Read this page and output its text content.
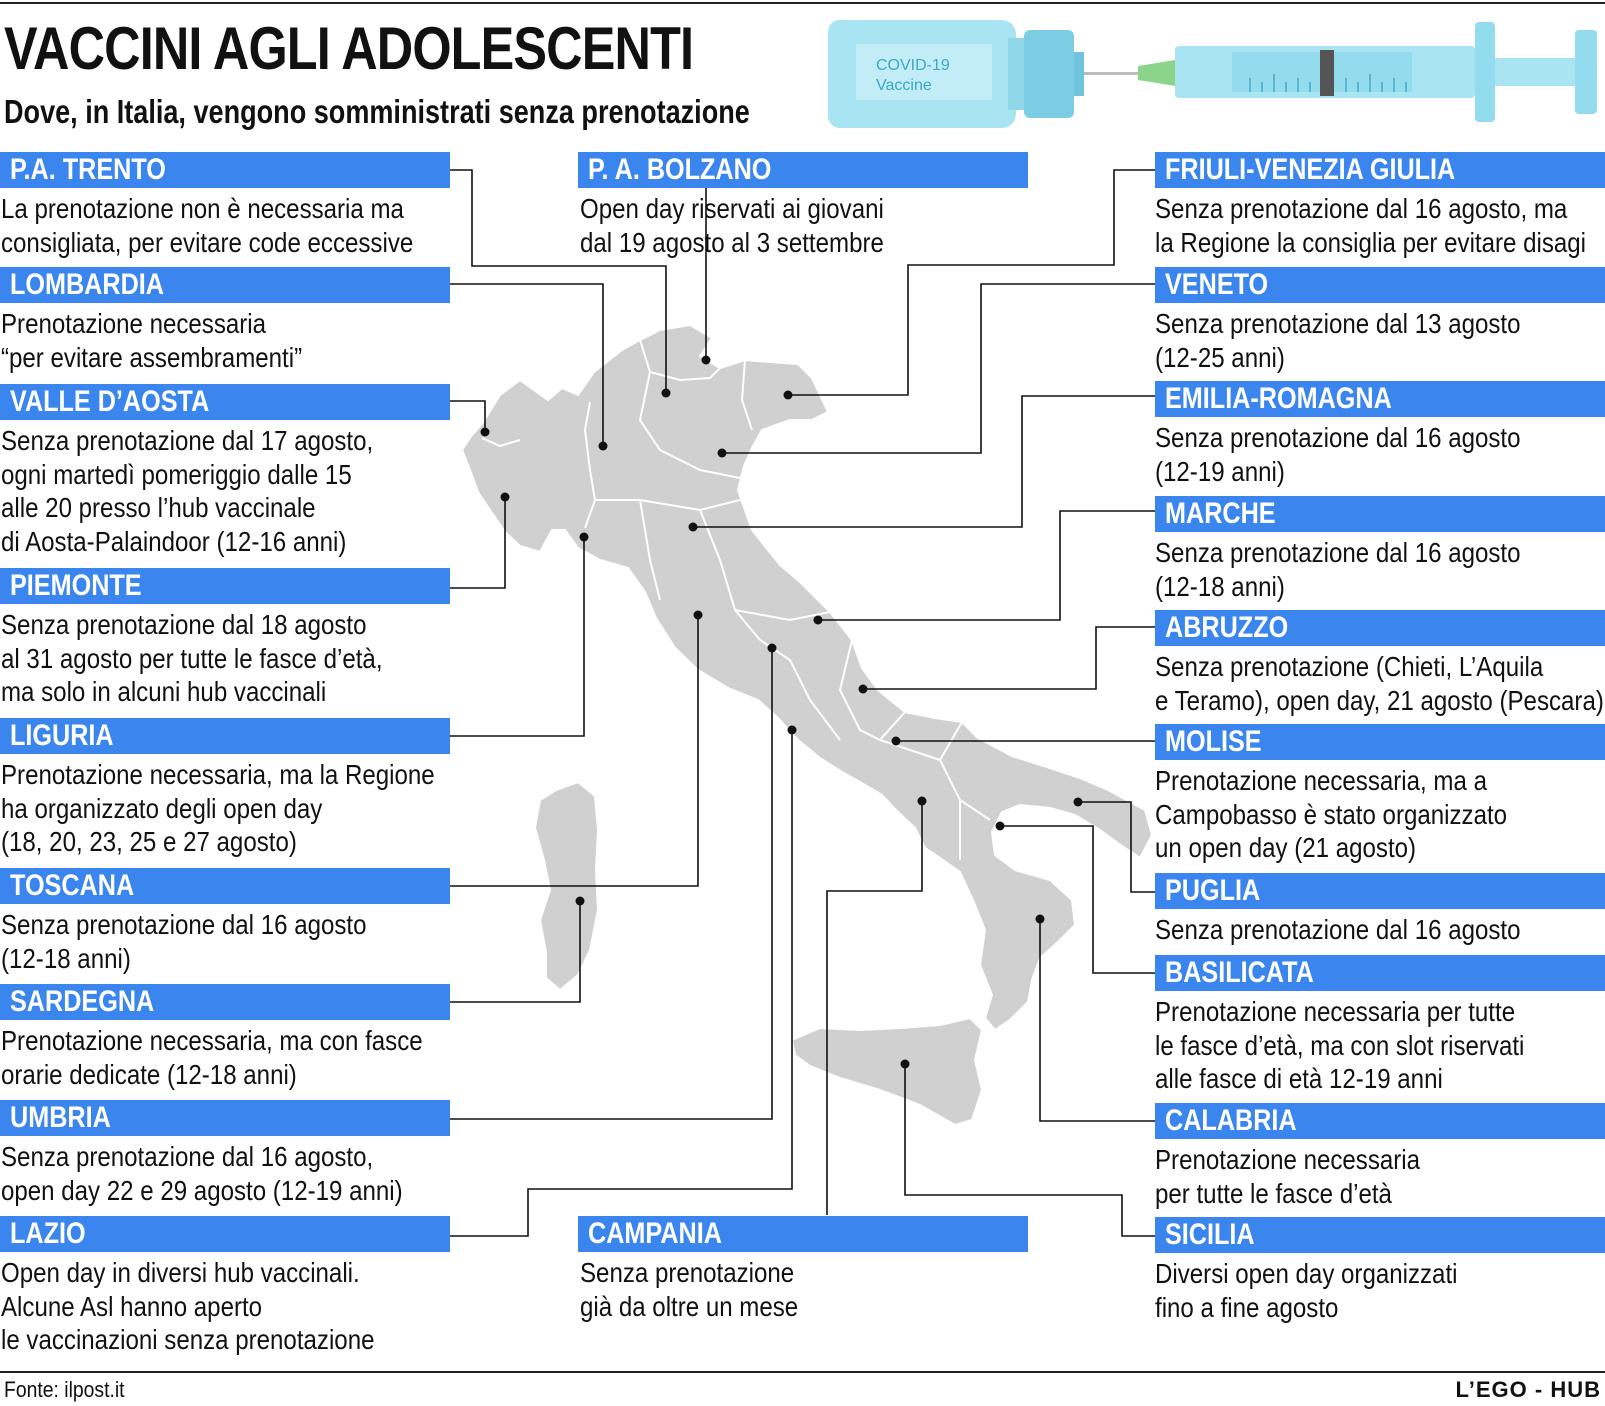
VACCINI AGLI ADOLESCENTI
Dove, in Italia, vengono somministrati senza prenotazione
COVID-19
Vaccine
P.A. TRENTO
La prenotazione non è necessaria ma
consigliata, per evitare code eccessive
LOMBARDIA
Prenotazione necessaria
“per evitare assembramenti”
VALLE D’AOSTA
Senza prenotazione dal 17 agosto,
ogni martedì pomeriggio dalle 15
alle 20 presso l’hub vaccinale
di Aosta-Palaindoor (12-16 anni)
PIEMONTE
Senza prenotazione dal 18 agosto
al 31 agosto per tutte le fasce d’età,
ma solo in alcuni hub vaccinali
LIGURIA
Prenotazione necessaria, ma la Regione
ha organizzato degli open day
(18, 20, 23, 25 e 27 agosto)
TOSCANA
Senza prenotazione dal 16 agosto
(12-18 anni)
SARDEGNA
Prenotazione necessaria, ma con fasce
orarie dedicate (12-18 anni)
UMBRIA
Senza prenotazione dal 16 agosto,
open day 22 e 29 agosto (12-19 anni)
LAZIO
Open day in diversi hub vaccinali.
Alcune Asl hanno aperto
le vaccinazioni senza prenotazione
P. A. BOLZANO
Open day riservati ai giovani
dal 19 agosto al 3 settembre
CAMPANIA
Senza prenotazione
già da oltre un mese
FRIULI-VENEZIA GIULIA
Senza prenotazione dal 16 agosto, ma
la Regione la consiglia per evitare disagi
VENETO
Senza prenotazione dal 13 agosto
(12-25 anni)
EMILIA-ROMAGNA
Senza prenotazione dal 16 agosto
(12-19 anni)
MARCHE
Senza prenotazione dal 16 agosto
(12-18 anni)
ABRUZZO
Senza prenotazione (Chieti, L’Aquila
e Teramo), open day, 21 agosto (Pescara)
MOLISE
Prenotazione necessaria, ma a
Campobasso è stato organizzato
un open day (21 agosto)
PUGLIA
Senza prenotazione dal 16 agosto
BASILICATA
Prenotazione necessaria per tutte
le fasce d’età, ma con slot riservati
alle fasce di età 12-19 anni
CALABRIA
Prenotazione necessaria
per tutte le fasce d’età
SICILIA
Diversi open day organizzati
fino a fine agosto
Fonte: ilpost.it	L’EGO - HUB
